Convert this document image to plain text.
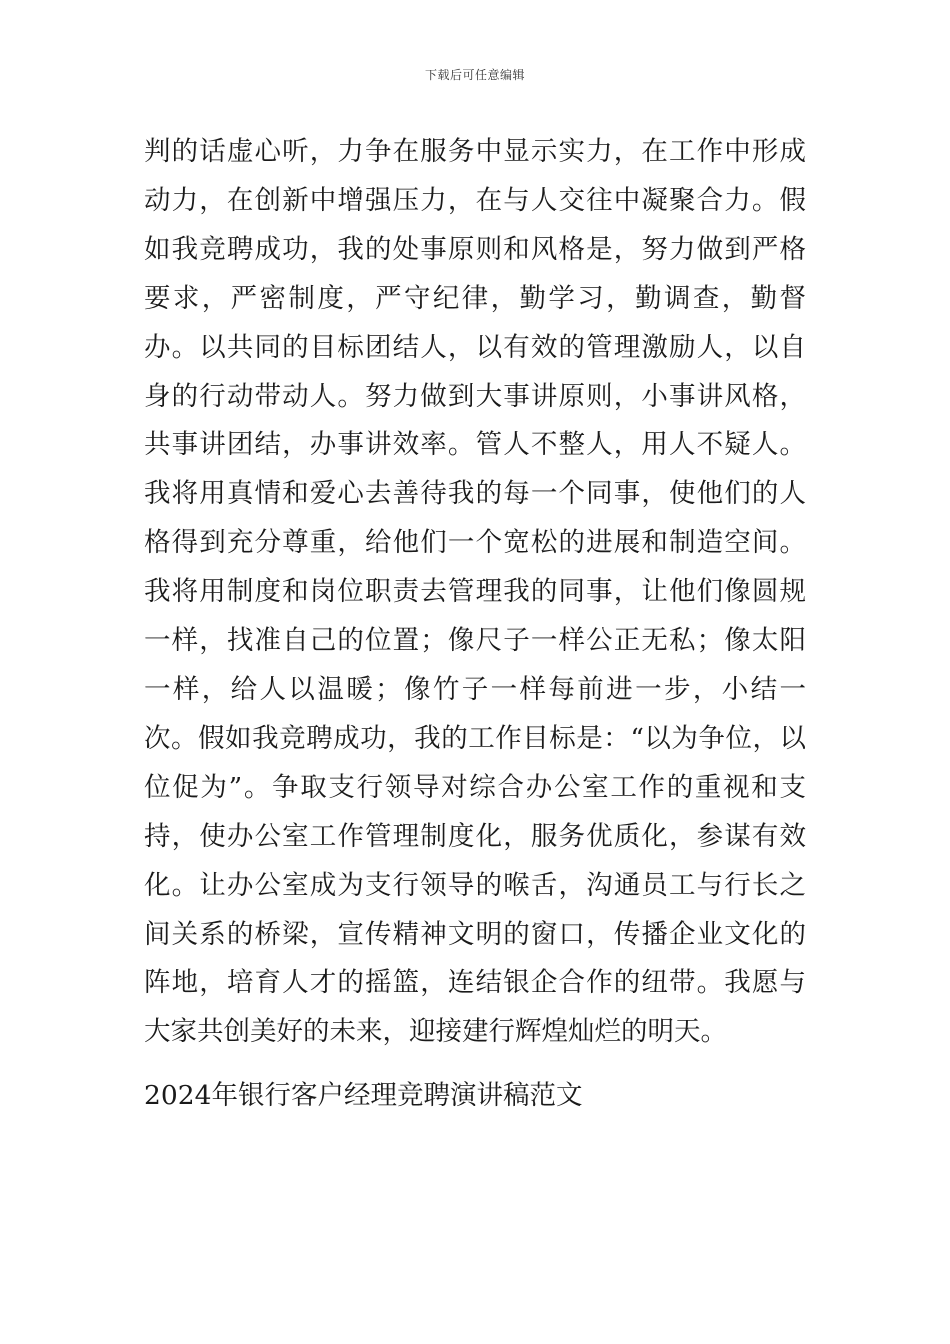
下载后可任意编辑

判的话虚心听，力争在服务中显示实力，在工作中形成动力，在创新中增强压力，在与人交往中凝聚合力。假如我竞聘成功，我的处事原则和风格是，努力做到严格要求，严密制度，严守纪律，勤学习，勤调查，勤督办。以共同的目标团结人，以有效的管理激励人，以自身的行动带动人。努力做到大事讲原则，小事讲风格，共事讲团结，办事讲效率。管人不整人，用人不疑人。我将用真情和爱心去善待我的每一个同事，使他们的人格得到充分尊重，给他们一个宽松的进展和制造空间。我将用制度和岗位职责去管理我的同事，让他们像圆规一样，找准自己的位置；像尺子一样公正无私；像太阳一样，给人以温暖；像竹子一样每前进一步，小结一次。假如我竞聘成功，我的工作目标是：“以为争位，以位促为”。争取支行领导对综合办公室工作的重视和支持，使办公室工作管理制度化，服务优质化，参谋有效化。让办公室成为支行领导的喉舌，沟通员工与行长之间关系的桥梁，宣传精神文明的窗口，传播企业文化的阵地，培育人才的摇篮，连结银企合作的纽带。我愿与大家共创美好的未来，迎接建行辉煌灿烂的明天。

2024年银行客户经理竞聘演讲稿范文
